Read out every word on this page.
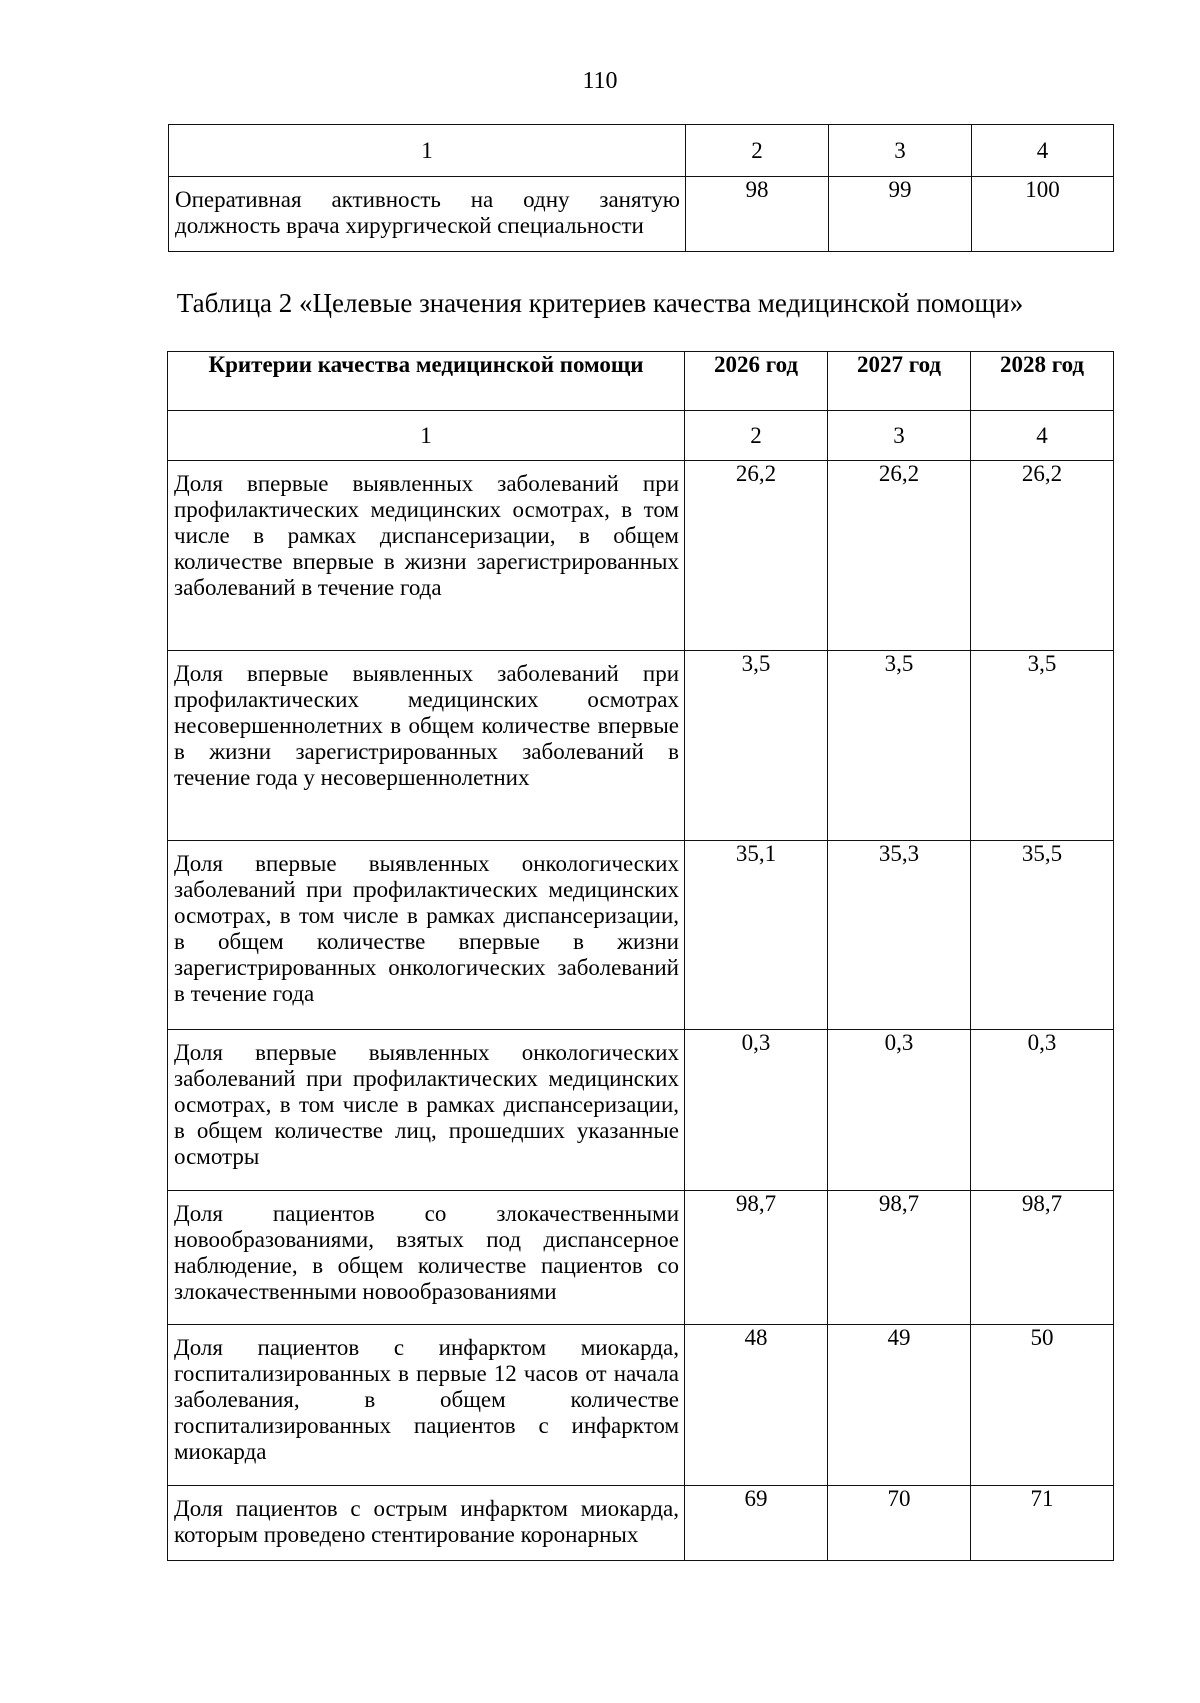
110
1	2	3	4

Оперативная активность на одну занятую должность врача хирургической специальности	98	99	100
Таблица 2 «Целевые значения критериев качества медицинской помощи»
Критерии качества медицинской помощи	2026 год	2027 год	2028 год
1	2	3	4

Доля впервые выявленных заболеваний при профилактических медицинских осмотрах, в том числе в рамках диспансеризации, в общем количестве впервые в жизни зарегистрированных заболеваний в течение года	26,2	26,2	26,2

Доля впервые выявленных заболеваний при профилактических медицинских осмотрах несовершеннолетних в общем количестве впервые в жизни зарегистрированных заболеваний в течение года у несовершеннолетних	3,5	3,5	3,5

Доля впервые выявленных онкологических заболеваний при профилактических медицинских осмотрах, в том числе в рамках диспансеризации, в общем количестве впервые в жизни зарегистрированных онкологических заболеваний в течение года	35,1	35,3	35,5

Доля впервые выявленных онкологических заболеваний при профилактических медицинских осмотрах, в том числе в рамках диспансеризации, в общем количестве лиц, прошедших указанные осмотры	0,3	0,3	0,3

Доля пациентов со злокачественными новообразованиями, взятых под диспансерное наблюдение, в общем количестве пациентов со злокачественными новообразованиями	98,7	98,7	98,7

Доля пациентов с инфарктом миокарда, госпитализированных в первые 12 часов от начала заболевания, в общем количестве госпитализированных пациентов с инфарктом миокарда	48	49	50

Доля пациентов с острым инфарктом миокарда, которым проведено стентирование коронарных	69	70	71
